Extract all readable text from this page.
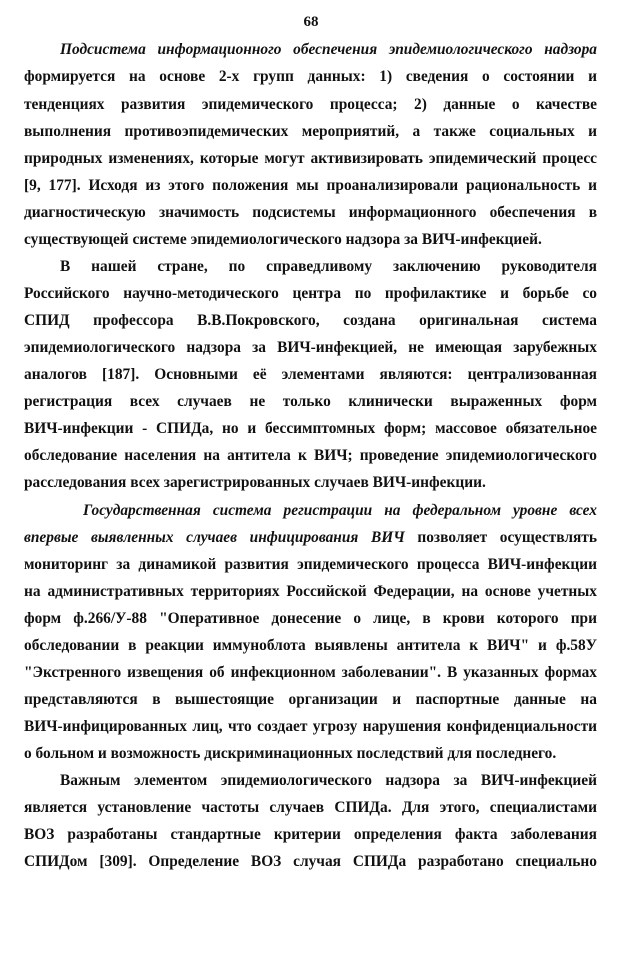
68
Подсистема информационного обеспечения эпидемиологического надзора
формируется на основе 2-х групп данных: 1) сведения о состоянии и
тенденциях развития эпидемического процесса; 2) данные о качестве
выполнения противоэпидемических мероприятий, а также социальных и
природных изменениях, которые могут активизировать эпидемический процесс
[9, 177]. Исходя из этого положения мы проанализировали рациональность и
диагностическую значимость подсистемы информационного обеспечения в
существующей системе эпидемиологического надзора за ВИЧ-инфекцией.
В нашей стране, по справедливому заключению руководителя
Российского научно-методического центра по профилактике и борьбе со
СПИД профессора В.В.Покровского, создана оригинальная система
эпидемиологического надзора за ВИЧ-инфекцией, не имеющая зарубежных
аналогов [187]. Основными её элементами являются: централизованная
регистрация всех случаев не только клинически выраженных форм
ВИЧ-инфекции - СПИДа, но и бессимптомных форм; массовое обязательное
обследование населения на антитела к ВИЧ; проведение эпидемиологического
расследования всех зарегистрированных случаев ВИЧ-инфекции.
Государственная система регистрации на федеральном уровне всех
впервые выявленных случаев инфицирования ВИЧ позволяет осуществлять
мониторинг за динамикой развития эпидемического процесса ВИЧ-инфекции
на административных территориях Российской Федерации, на основе учетных
форм ф.266/У-88 "Оперативное донесение о лице, в крови которого при
обследовании в реакции иммуноблота выявлены антитела к ВИЧ" и ф.58У
"Экстренного извещения об инфекционном заболевании". В указанных формах
представляются в вышестоящие организации и паспортные данные на
ВИЧ-инфицированных лиц, что создает угрозу нарушения конфиденциальности
о больном и возможность дискриминационных последствий для последнего.
Важным элементом эпидемиологического надзора за ВИЧ-инфекцией
является установление частоты случаев СПИДа. Для этого, специалистами
ВОЗ разработаны стандартные критерии определения факта заболевания
СПИДом [309]. Определение ВОЗ случая СПИДа разработано специально
